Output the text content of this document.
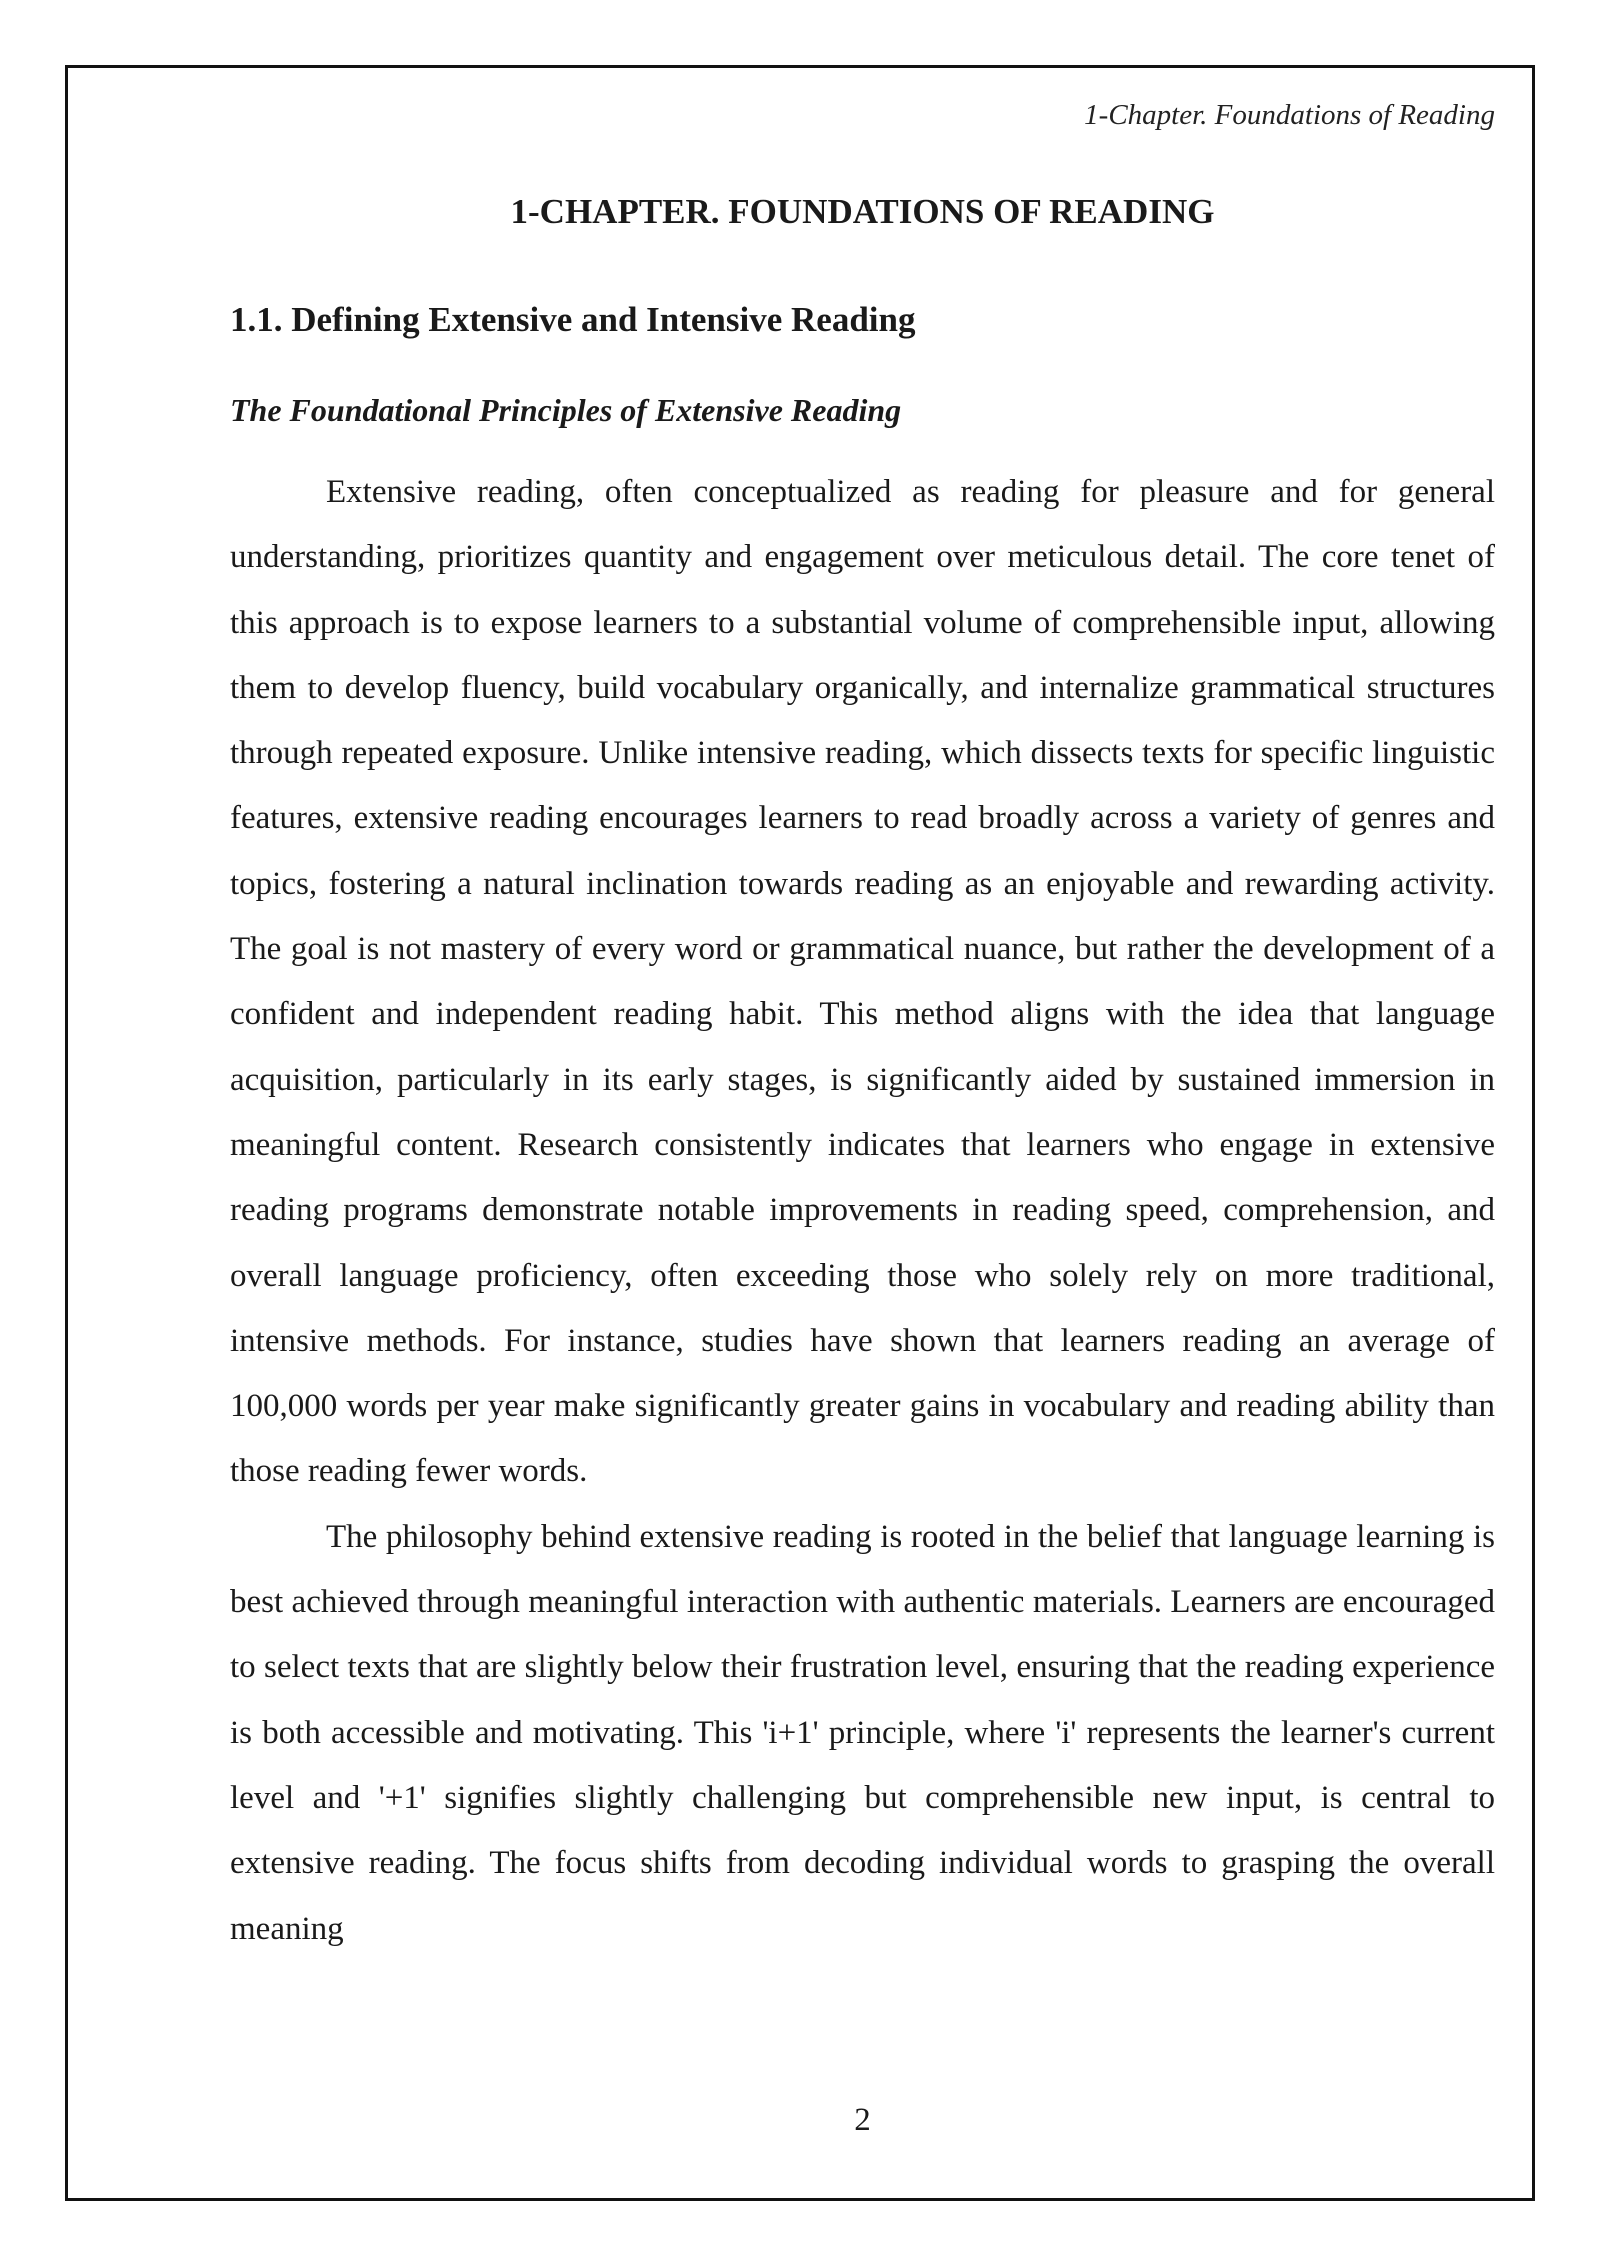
1-Chapter. Foundations of Reading
1-CHAPTER. FOUNDATIONS OF READING
1.1. Defining Extensive and Intensive Reading
The Foundational Principles of Extensive Reading

Extensive reading, often conceptualized as reading for pleasure and for general understanding, prioritizes quantity and engagement over meticulous detail. The core tenet of this approach is to expose learners to a substantial volume of comprehensible input, allowing them to develop fluency, build vocabulary organically, and internalize grammatical structures through repeated exposure. Unlike intensive reading, which dissects texts for specific linguistic features, extensive reading encourages learners to read broadly across a variety of genres and topics, fostering a natural inclination towards reading as an enjoyable and rewarding activity. The goal is not mastery of every word or grammatical nuance, but rather the development of a confident and independent reading habit. This method aligns with the idea that language acquisition, particularly in its early stages, is significantly aided by sustained immersion in meaningful content. Research consistently indicates that learners who engage in extensive reading programs demonstrate notable improvements in reading speed, comprehension, and overall language proficiency, often exceeding those who solely rely on more traditional, intensive methods. For instance, studies have shown that learners reading an average of 100,000 words per year make significantly greater gains in vocabulary and reading ability than those reading fewer words.

The philosophy behind extensive reading is rooted in the belief that language learning is best achieved through meaningful interaction with authentic materials. Learners are encouraged to select texts that are slightly below their frustration level, ensuring that the reading experience is both accessible and motivating. This 'i+1' principle, where 'i' represents the learner's current level and '+1' signifies slightly challenging but comprehensible new input, is central to extensive reading. The focus shifts from decoding individual words to grasping the overall meaning

2
